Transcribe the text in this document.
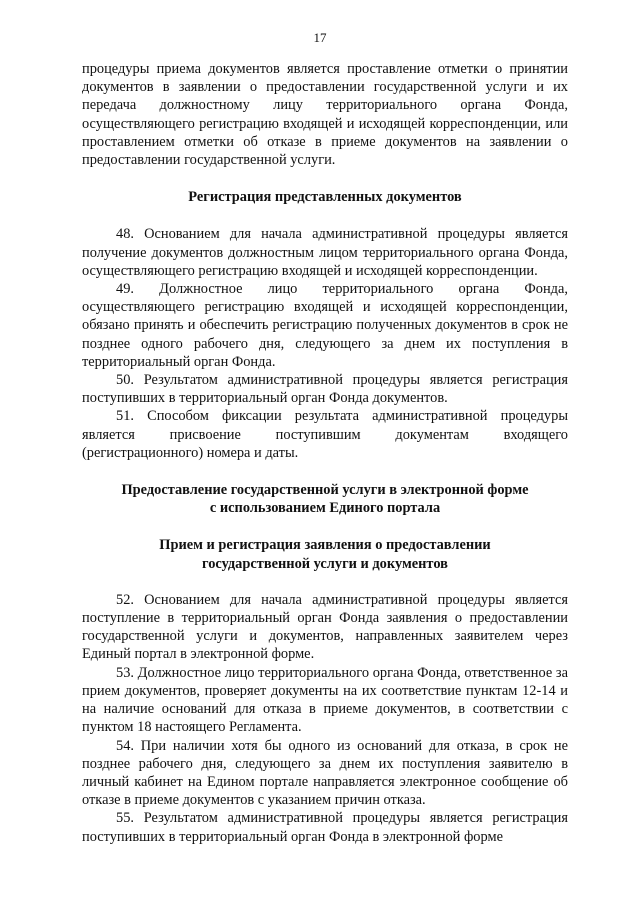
17

процедуры приема документов является проставление отметки о принятии документов в заявлении о предоставлении государственной услуги и их передача должностному лицу территориального органа Фонда, осуществляющего регистрацию входящей и исходящей корреспонденции, или проставлением отметки об отказе в приеме документов на заявлении о предоставлении государственной услуги.

Регистрация представленных документов

48. Основанием для начала административной процедуры является получение документов должностным лицом территориального органа Фонда, осуществляющего регистрацию входящей и исходящей корреспонденции.

49. Должностное лицо территориального органа Фонда, осуществляющего регистрацию входящей и исходящей корреспонденции, обязано принять и обеспечить регистрацию полученных документов в срок не позднее одного рабочего дня, следующего за днем их поступления в территориальный орган Фонда.

50. Результатом административной процедуры является регистрация поступивших в территориальный орган Фонда документов.

51. Способом фиксации результата административной процедуры является присвоение поступившим документам входящего (регистрационного) номера и даты.

Предоставление государственной услуги в электронной форме

с использованием Единого портала

Прием и регистрация заявления о предоставлении

государственной услуги и документов

52. Основанием для начала административной процедуры является поступление в территориальный орган Фонда заявления о предоставлении государственной услуги и документов, направленных заявителем через Единый портал в электронной форме.

53. Должностное лицо территориального органа Фонда, ответственное за прием документов, проверяет документы на их соответствие пунктам 12-14 и на наличие оснований для отказа в приеме документов, в соответствии с пунктом 18 настоящего Регламента.

54. При наличии хотя бы одного из оснований для отказа, в срок не позднее рабочего дня, следующего за днем их поступления заявителю в личный кабинет на Едином портале направляется электронное сообщение об отказе в приеме документов с указанием причин отказа.

55. Результатом административной процедуры является регистрация поступивших в территориальный орган Фонда в электронной форме
